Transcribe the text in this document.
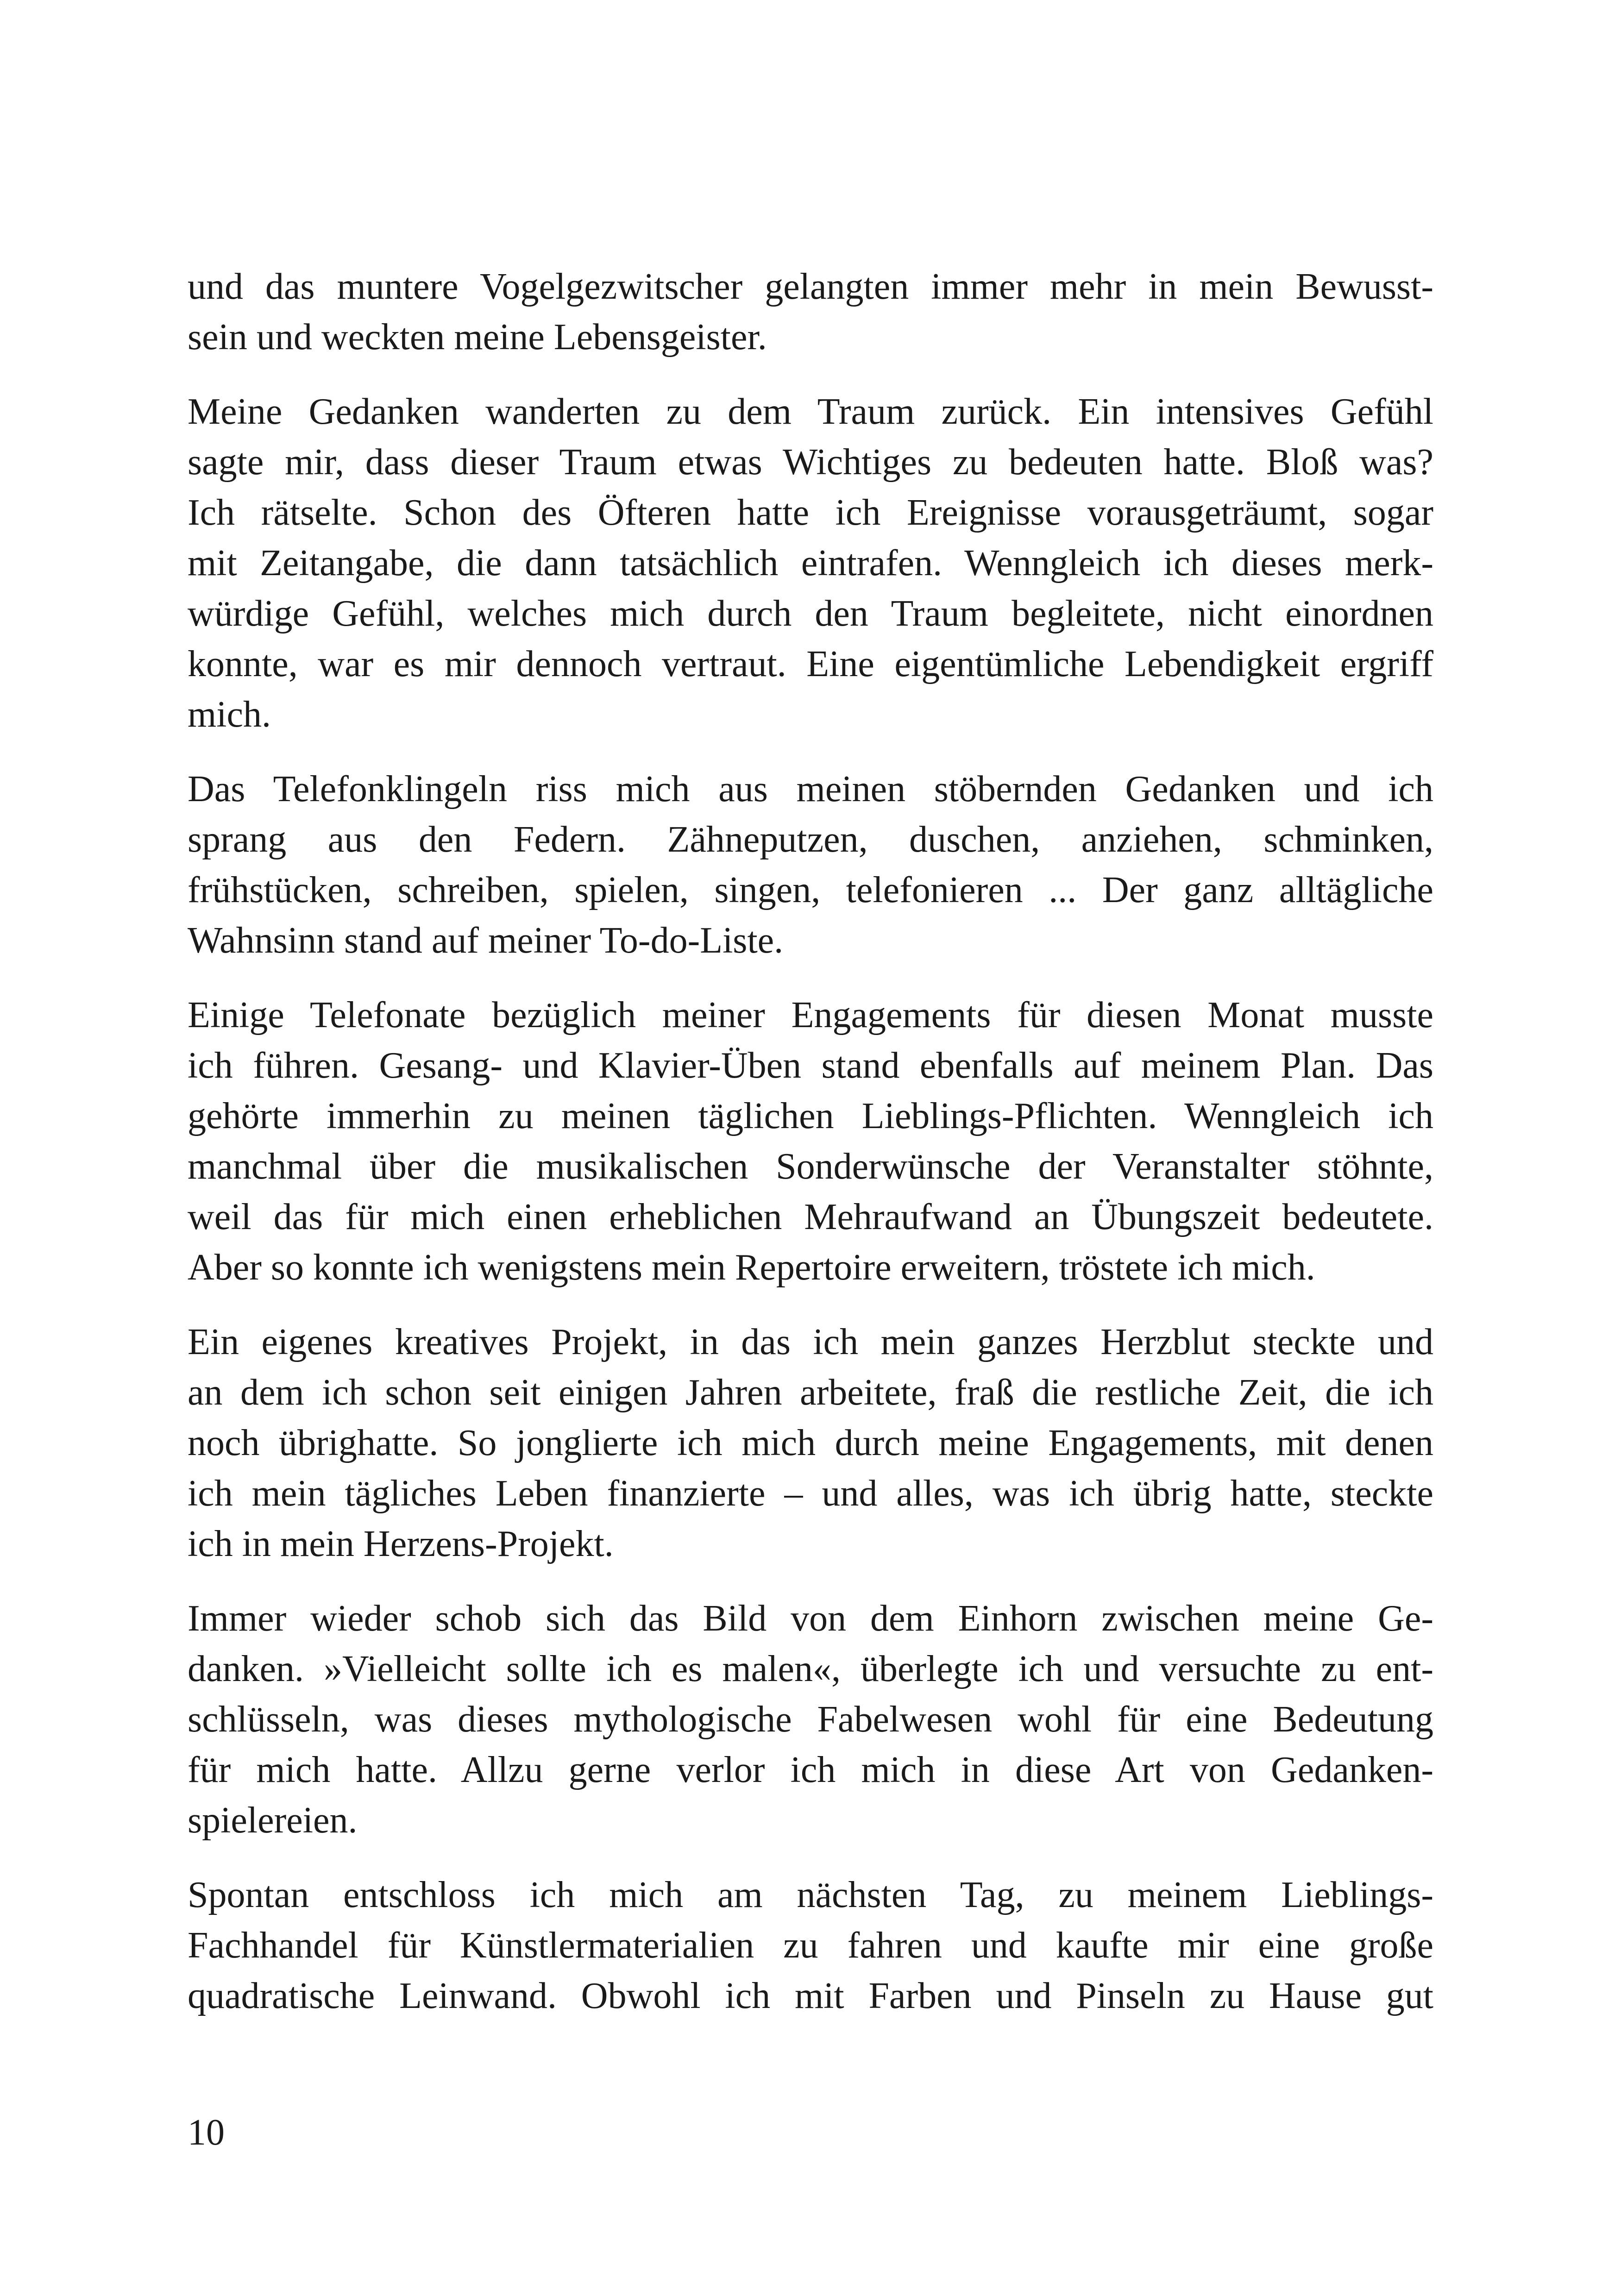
und das muntere Vogelgezwitscher gelangten immer mehr in mein Bewusst-
sein und weckten meine Lebensgeister.

Meine Gedanken wanderten zu dem Traum zurück. Ein intensives Gefühl
sagte mir, dass dieser Traum etwas Wichtiges zu bedeuten hatte. Bloß was?
Ich rätselte. Schon des Öfteren hatte ich Ereignisse vorausgeträumt, sogar
mit Zeitangabe, die dann tatsächlich eintrafen. Wenngleich ich dieses merk-
würdige Gefühl, welches mich durch den Traum begleitete, nicht einordnen
konnte, war es mir dennoch vertraut. Eine eigentümliche Lebendigkeit ergriff
mich.

Das Telefonklingeln riss mich aus meinen stöbernden Gedanken und ich
sprang aus den Federn. Zähneputzen, duschen, anziehen, schminken,
frühstücken, schreiben, spielen, singen, telefonieren ... Der ganz alltägliche
Wahnsinn stand auf meiner To-do-Liste.

Einige Telefonate bezüglich meiner Engagements für diesen Monat musste
ich führen. Gesang- und Klavier-Üben stand ebenfalls auf meinem Plan. Das
gehörte immerhin zu meinen täglichen Lieblings-Pflichten. Wenngleich ich
manchmal über die musikalischen Sonderwünsche der Veranstalter stöhnte,
weil das für mich einen erheblichen Mehraufwand an Übungszeit bedeutete.
Aber so konnte ich wenigstens mein Repertoire erweitern, tröstete ich mich.

Ein eigenes kreatives Projekt, in das ich mein ganzes Herzblut steckte und
an dem ich schon seit einigen Jahren arbeitete, fraß die restliche Zeit, die ich
noch übrighatte. So jonglierte ich mich durch meine Engagements, mit denen
ich mein tägliches Leben finanzierte – und alles, was ich übrig hatte, steckte
ich in mein Herzens-Projekt.

Immer wieder schob sich das Bild von dem Einhorn zwischen meine Ge-
danken. »Vielleicht sollte ich es malen«, überlegte ich und versuchte zu ent-
schlüsseln, was dieses mythologische Fabelwesen wohl für eine Bedeutung
für mich hatte. Allzu gerne verlor ich mich in diese Art von Gedanken-
spielereien.

Spontan entschloss ich mich am nächsten Tag, zu meinem Lieblings-
Fachhandel für Künstlermaterialien zu fahren und kaufte mir eine große
quadratische Leinwand. Obwohl ich mit Farben und Pinseln zu Hause gut

10
